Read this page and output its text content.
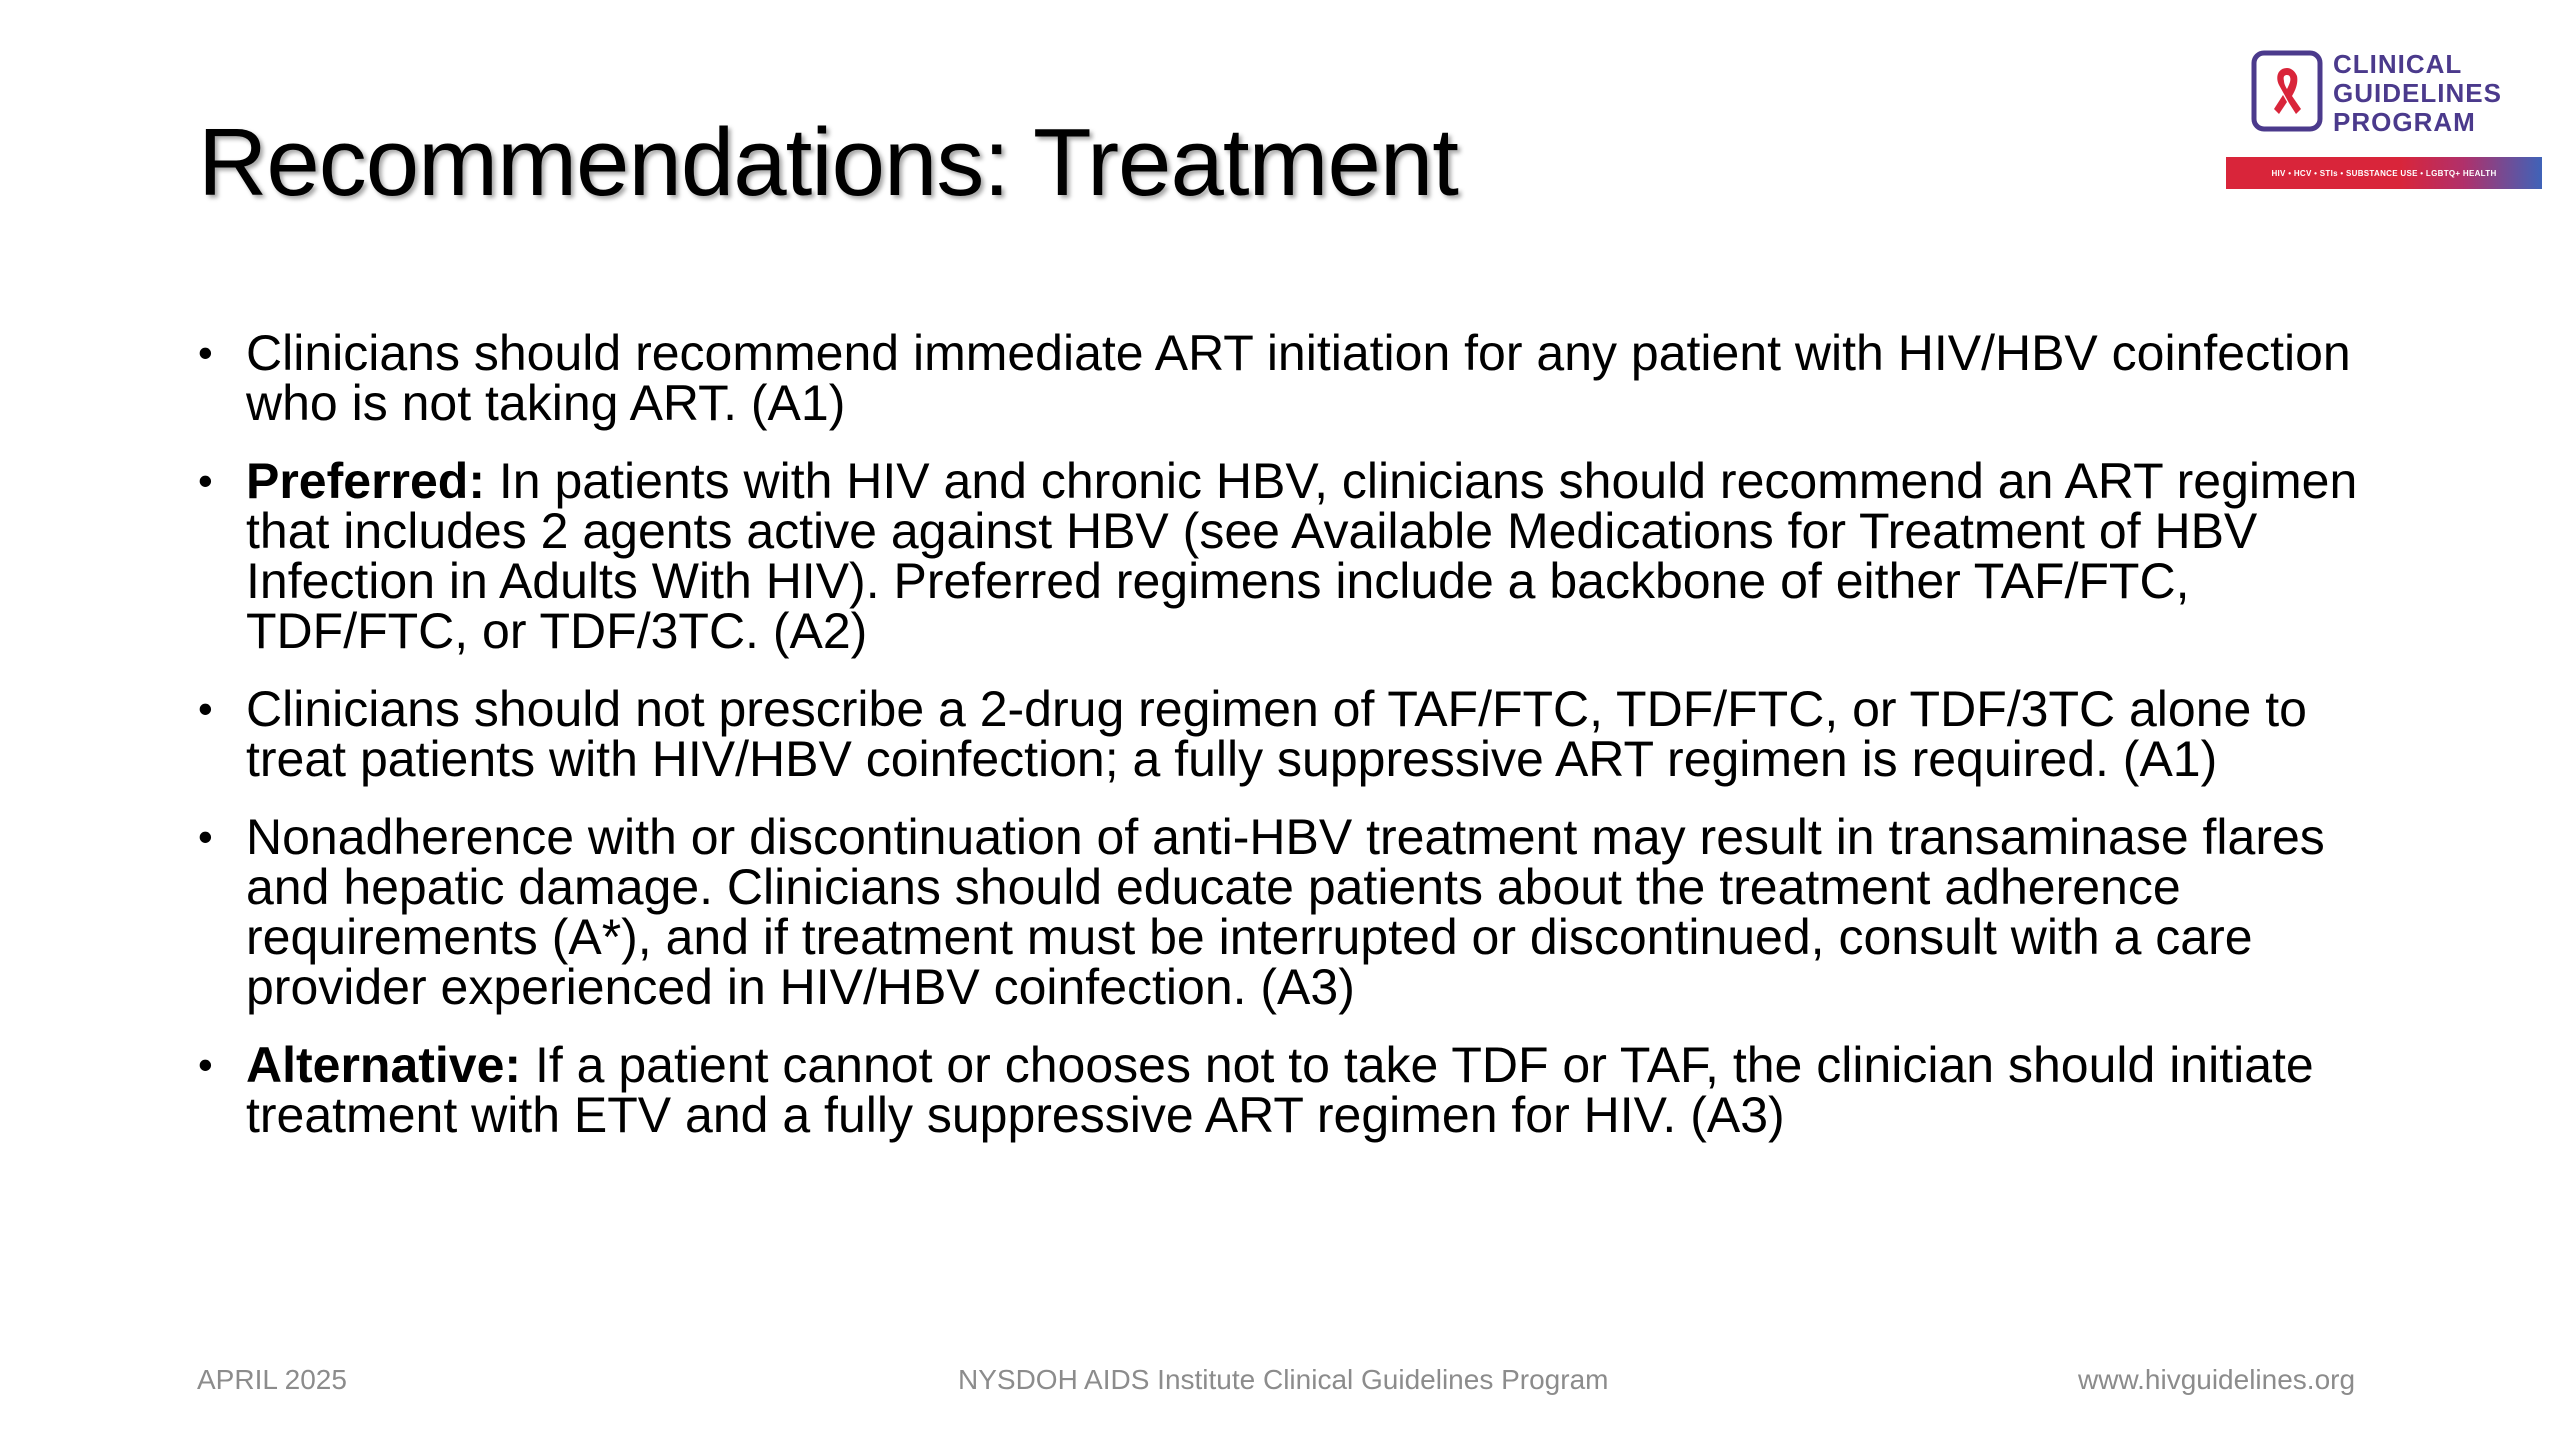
Recommendations: Treatment
CLINICAL
GUIDELINES
PROGRAM
HIV • HCV • STIs • SUBSTANCE USE • LGBTQ+ HEALTH
• Clinicians should recommend immediate ART initiation for any patient with HIV/HBV coinfection who is not taking ART. (A1)
• Preferred: In patients with HIV and chronic HBV, clinicians should recommend an ART regimen that includes 2 agents active against HBV (see Available Medications for Treatment of HBV Infection in Adults With HIV). Preferred regimens include a backbone of either TAF/FTC, TDF/FTC, or TDF/3TC. (A2)
• Clinicians should not prescribe a 2-drug regimen of TAF/FTC, TDF/FTC, or TDF/3TC alone to treat patients with HIV/HBV coinfection; a fully suppressive ART regimen is required. (A1)
• Nonadherence with or discontinuation of anti-HBV treatment may result in transaminase flares and hepatic damage. Clinicians should educate patients about the treatment adherence requirements (A*), and if treatment must be interrupted or discontinued, consult with a care provider experienced in HIV/HBV coinfection. (A3)
• Alternative: If a patient cannot or chooses not to take TDF or TAF, the clinician should initiate treatment with ETV and a fully suppressive ART regimen for HIV. (A3)
APRIL 2025	NYSDOH AIDS Institute Clinical Guidelines Program	www.hivguidelines.org
